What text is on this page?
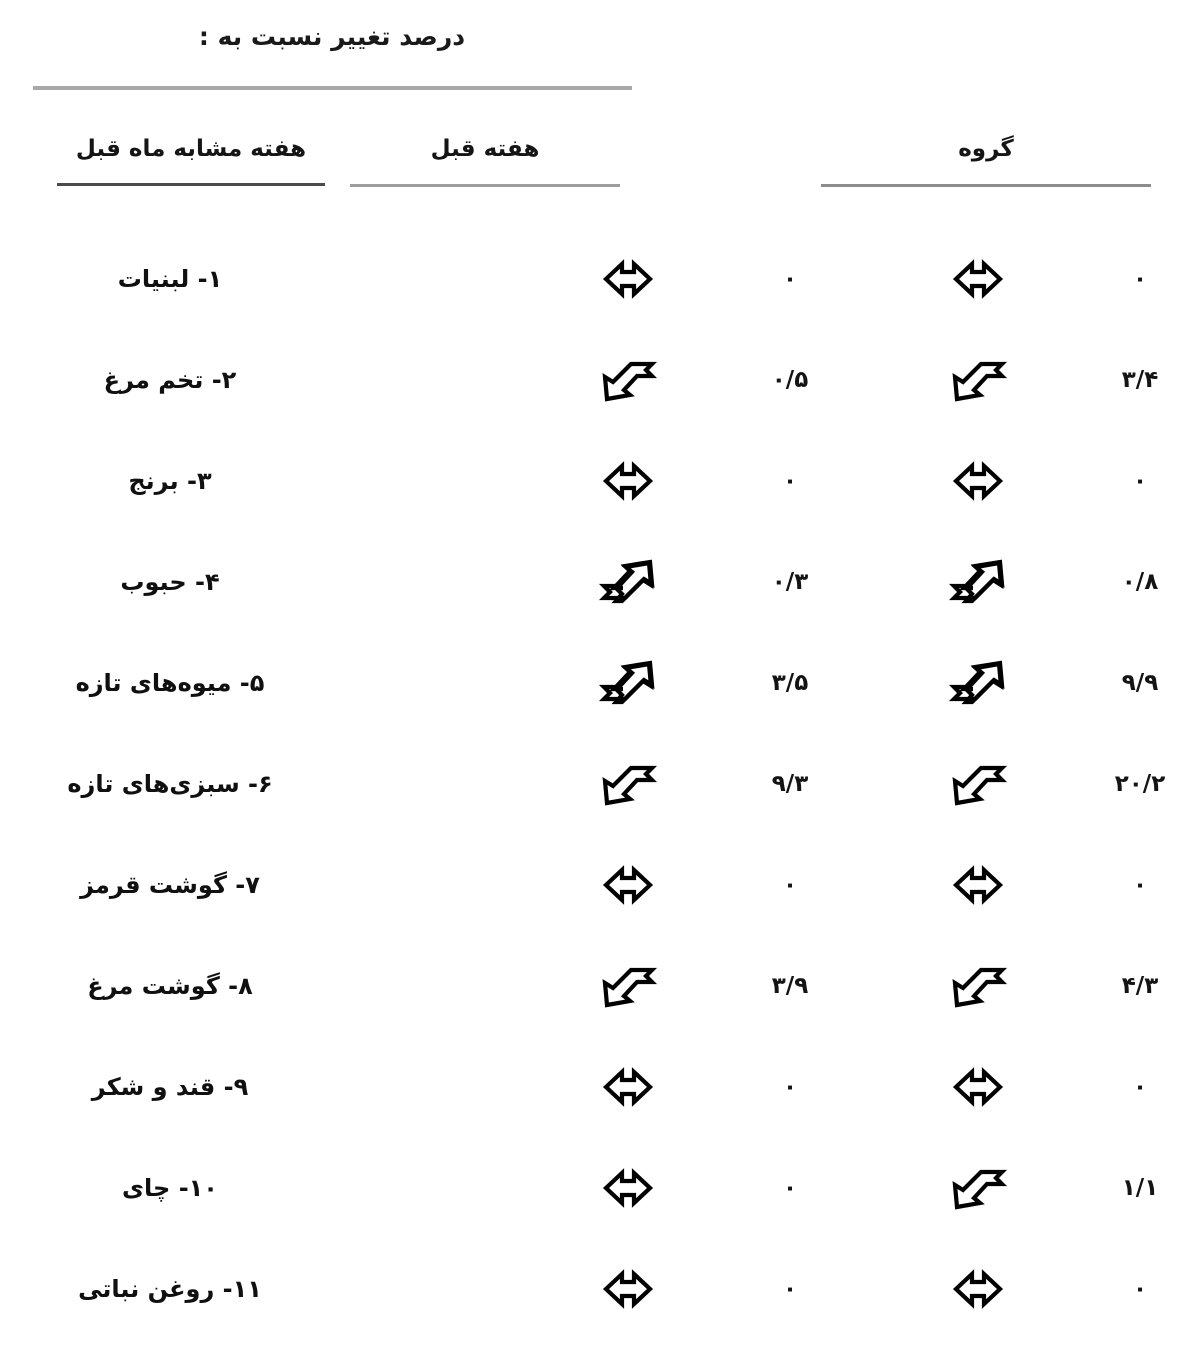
درصد تغییر نسبت به :
هفته مشابه ماه قبل	هفته قبل	گروه
۰			۰			۱- لبنیات
۳/۴			۰/۵			۲- تخم مرغ
۰			۰			۳- برنج
۰/۸			۰/۳			۴- حبوب
۹/۹			۳/۵			۵- میوه‌های تازه
۲۰/۲			۹/۳			۶- سبزی‌های تازه
۰			۰			۷- گوشت قرمز
۴/۳			۳/۹			۸- گوشت مرغ
۰			۰			۹- قند و شکر
۱/۱			۰			۱۰- چای
۰			۰			۱۱- روغن نباتی
